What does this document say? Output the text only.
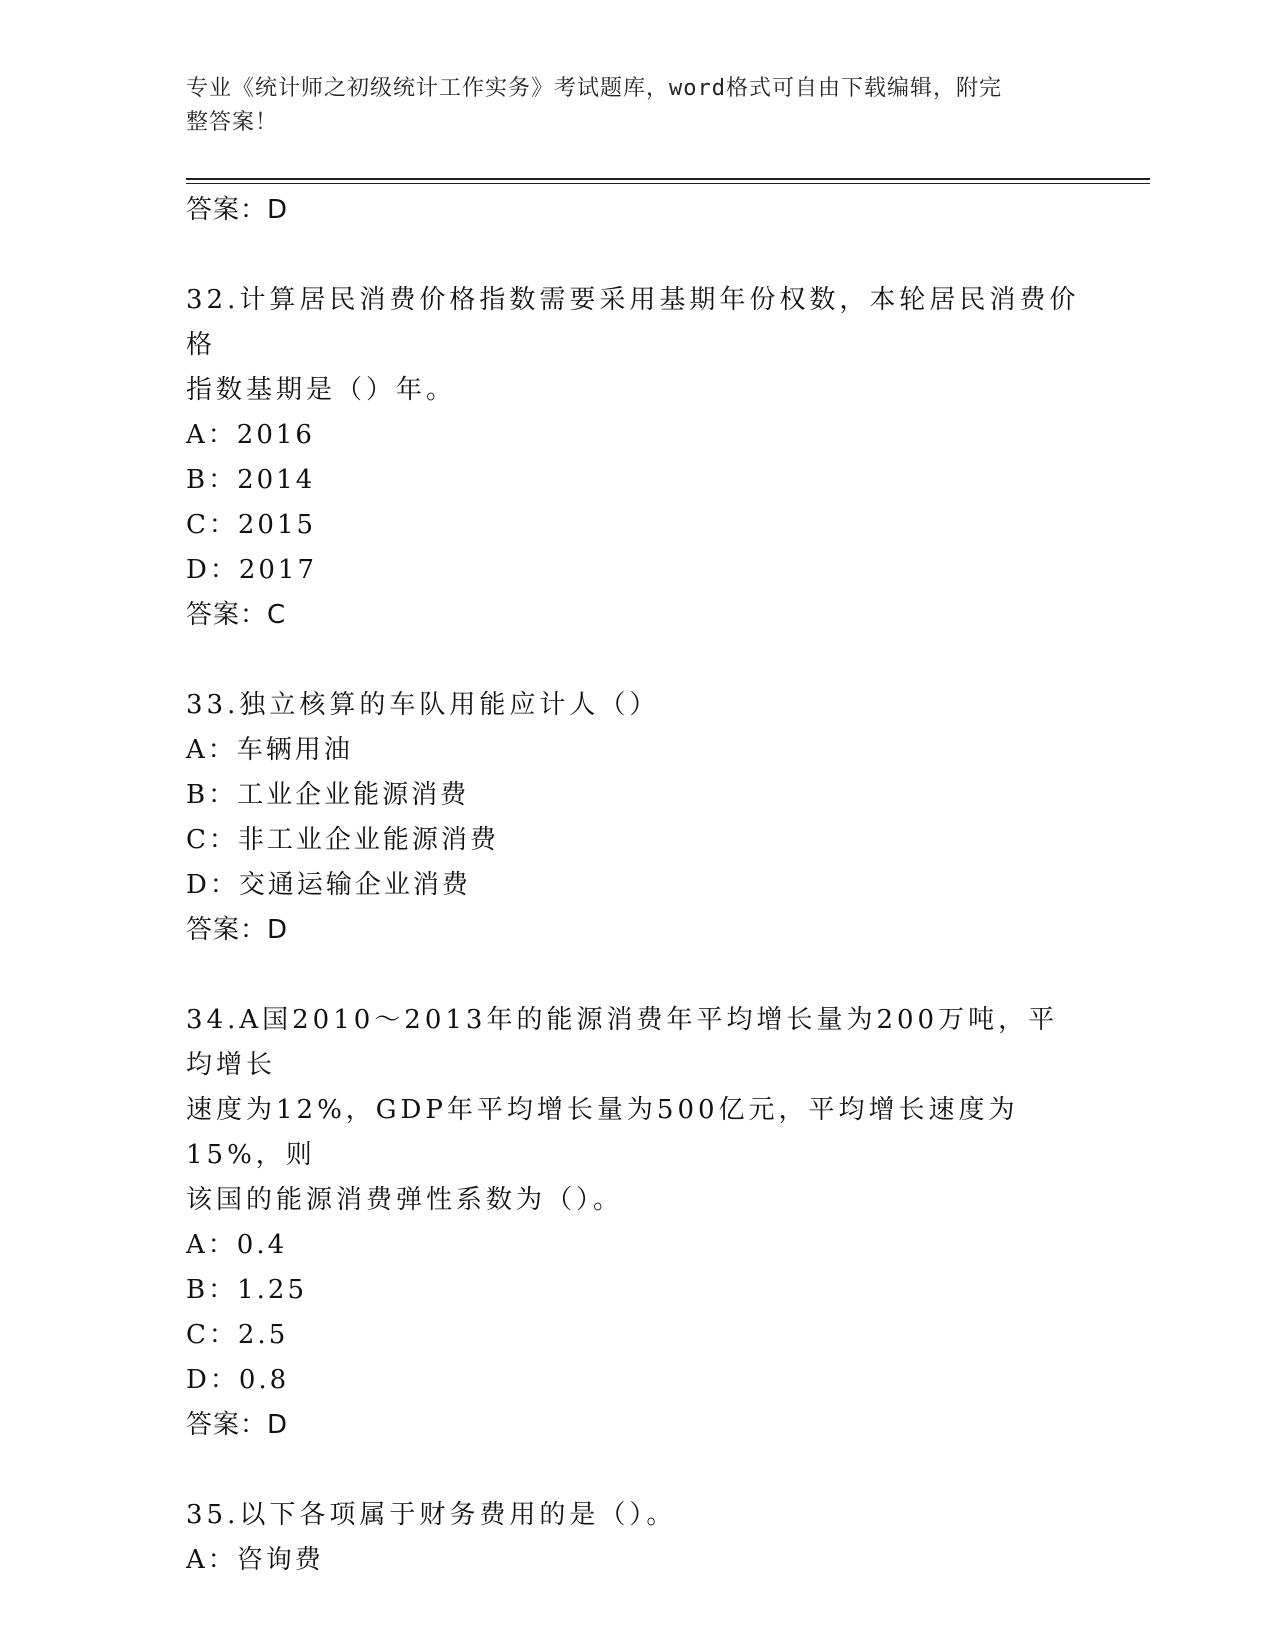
专业《统计师之初级统计工作实务》考试题库，word格式可自由下载编辑，附完
整答案！
答案：D
32.计算居民消费价格指数需要采用基期年份权数，本轮居民消费价格
指数基期是（）年。
A：2016
B：2014
C：2015
D：2017
答案：C
33.独立核算的车队用能应计人（）
A：车辆用油
B：工业企业能源消费
C：非工业企业能源消费
D：交通运输企业消费
答案：D
34.A国2010～2013年的能源消费年平均增长量为200万吨，平均增长
速度为12%，GDP年平均增长量为500亿元，平均增长速度为15%，则
该国的能源消费弹性系数为（）。
A：0.4
B：1.25
C：2.5
D：0.8
答案：D
35.以下各项属于财务费用的是（）。
A：咨询费
